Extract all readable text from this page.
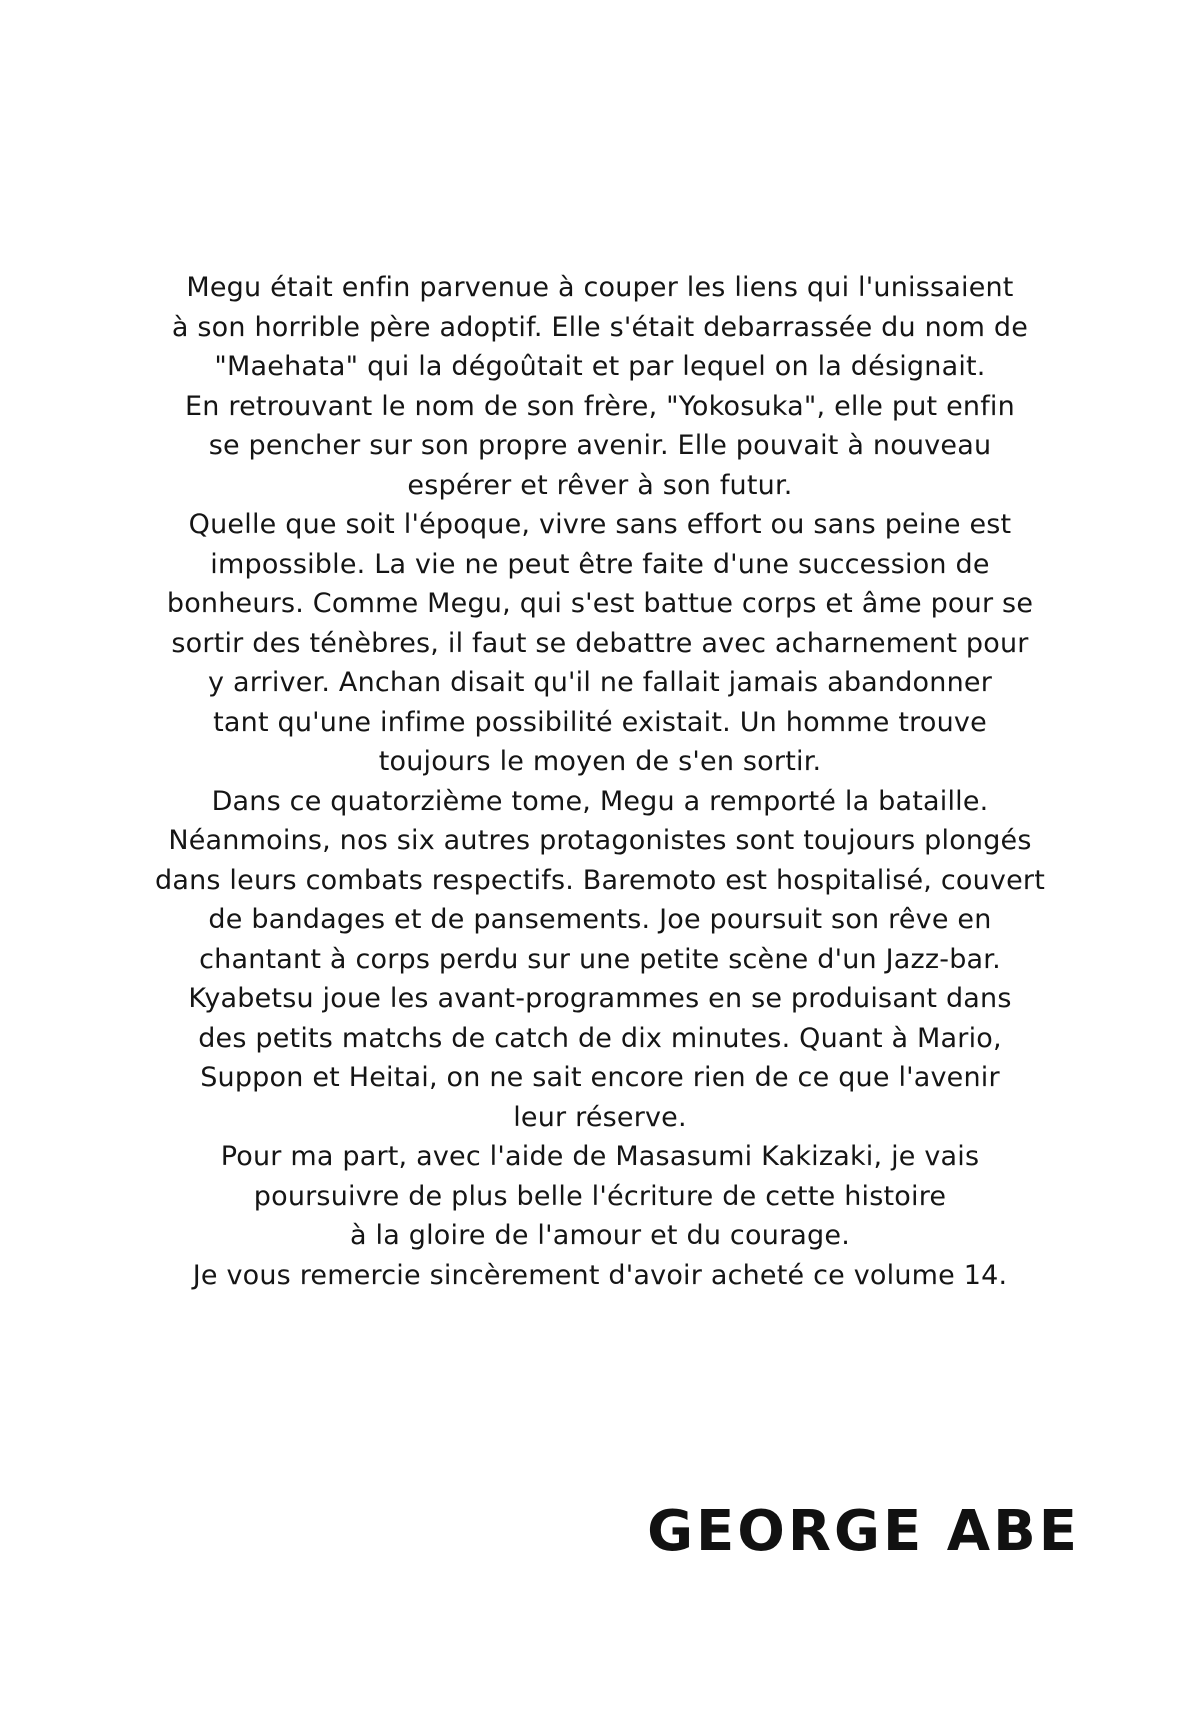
Megu était enfin parvenue à couper les liens qui l'unissaient
à son horrible père adoptif. Elle s'était debarrassée du nom de
"Maehata" qui la dégoûtait et par lequel on la désignait.
En retrouvant le nom de son frère, "Yokosuka", elle put enfin
se pencher sur son propre avenir. Elle pouvait à nouveau
espérer et rêver à son futur.
Quelle que soit l'époque, vivre sans effort ou sans peine est
impossible. La vie ne peut être faite d'une succession de
bonheurs. Comme Megu, qui s'est battue corps et âme pour se
sortir des ténèbres, il faut se debattre avec acharnement pour
y arriver. Anchan disait qu'il ne fallait jamais abandonner
tant qu'une infime possibilité existait. Un homme trouve
toujours le moyen de s'en sortir.
Dans ce quatorzième tome, Megu a remporté la bataille.
Néanmoins, nos six autres protagonistes sont toujours plongés
dans leurs combats respectifs. Baremoto est hospitalisé, couvert
de bandages et de pansements. Joe poursuit son rêve en
chantant à corps perdu sur une petite scène d'un Jazz-bar.
Kyabetsu joue les avant-programmes en se produisant dans
des petits matchs de catch de dix minutes. Quant à Mario,
Suppon et Heitai, on ne sait encore rien de ce que l'avenir
leur réserve.
Pour ma part, avec l'aide de Masasumi Kakizaki, je vais
poursuivre de plus belle l'écriture de cette histoire
à la gloire de l'amour et du courage.
Je vous remercie sincèrement d'avoir acheté ce volume 14.
GEORGE ABE
